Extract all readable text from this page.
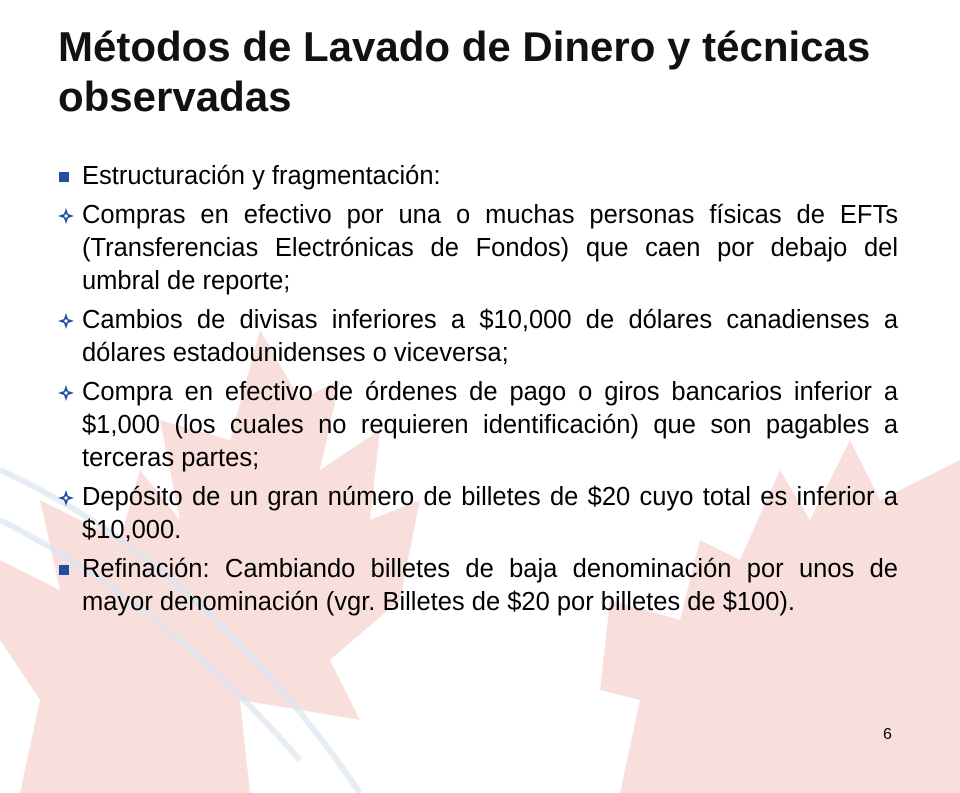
Métodos de Lavado de Dinero y técnicas observadas
Estructuración y fragmentación:
Compras en efectivo por una o muchas personas físicas de EFTs (Transferencias Electrónicas de Fondos) que caen por debajo del umbral de reporte;
Cambios de divisas inferiores a $10,000 de dólares canadienses a dólares estadounidenses o viceversa;
Compra en efectivo de órdenes de pago o giros bancarios inferior a $1,000 (los cuales no requieren identificación) que son pagables a terceras partes;
Depósito de un gran número de billetes de $20 cuyo total es inferior a $10,000.
Refinación: Cambiando billetes de baja denominación por unos de mayor denominación (vgr. Billetes de $20 por billetes de $100).
6
